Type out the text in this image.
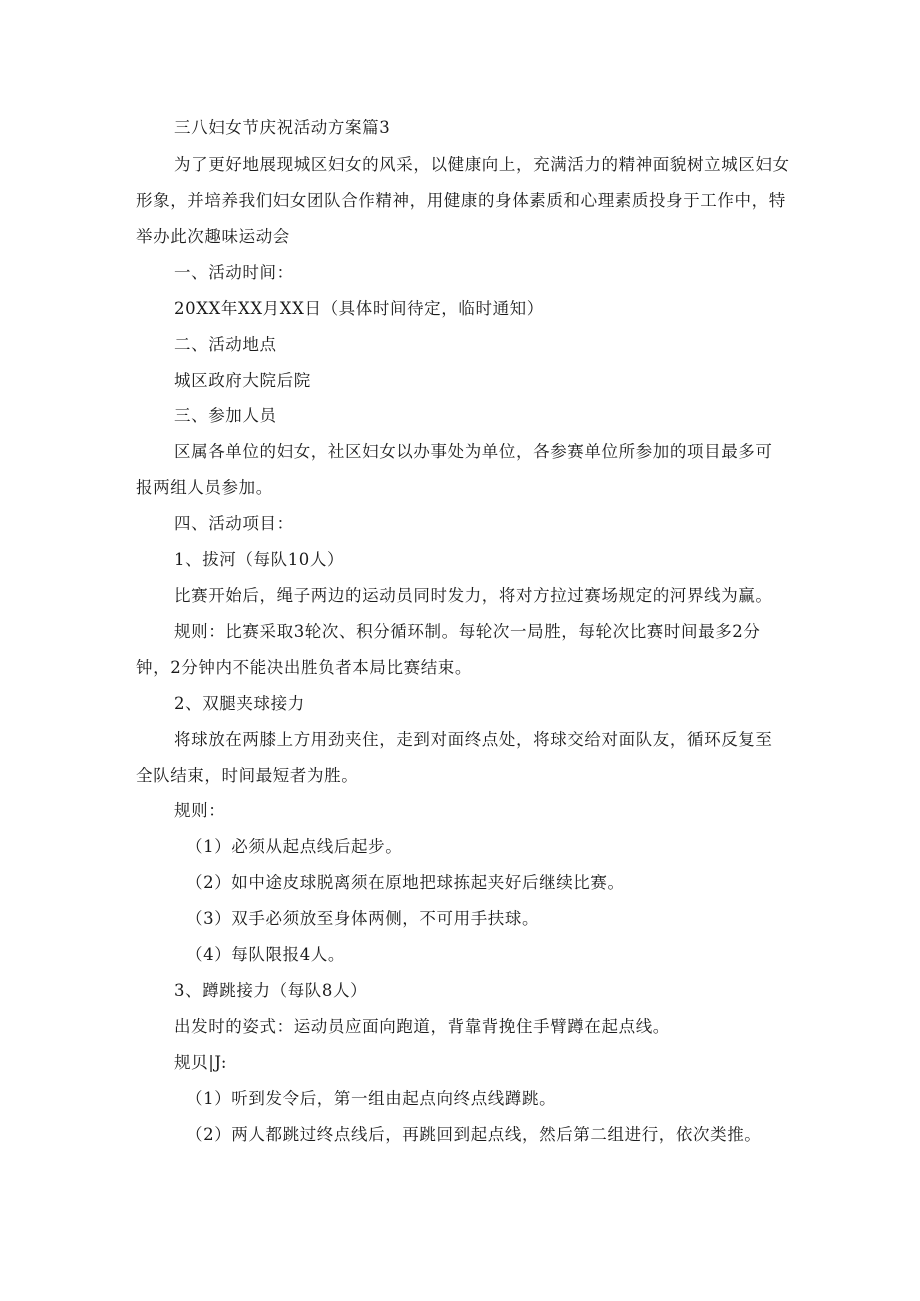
三八妇女节庆祝活动方案篇3
为了更好地展现城区妇女的风采，以健康向上，充满活力的精神面貌树立城区妇女
形象，并培养我们妇女团队合作精神，用健康的身体素质和心理素质投身于工作中，特
举办此次趣味运动会
一、活动时间：
20XX年XX月XX日（具体时间待定，临时通知）
二、活动地点
城区政府大院后院
三、参加人员
区属各单位的妇女，社区妇女以办事处为单位，各参赛单位所参加的项目最多可
报两组人员参加。
四、活动项目：
1、拔河（每队10人）
比赛开始后，绳子两边的运动员同时发力，将对方拉过赛场规定的河界线为赢。
规则：比赛采取3轮次、积分循环制。每轮次一局胜，每轮次比赛时间最多2分
钟，2分钟内不能决出胜负者本局比赛结束。
2、双腿夹球接力
将球放在两膝上方用劲夹住，走到对面终点处，将球交给对面队友，循环反复至
全队结束，时间最短者为胜。
规则：
（1）必须从起点线后起步。
（2）如中途皮球脱离须在原地把球拣起夹好后继续比赛。
（3）双手必须放至身体两侧，不可用手扶球。
（4）每队限报4人。
3、蹲跳接力（每队8人）
出发时的姿式：运动员应面向跑道，背靠背挽住手臂蹲在起点线。
规贝|J:
（1）听到发令后，第一组由起点向终点线蹲跳。
（2）两人都跳过终点线后，再跳回到起点线，然后第二组进行，依次类推。
